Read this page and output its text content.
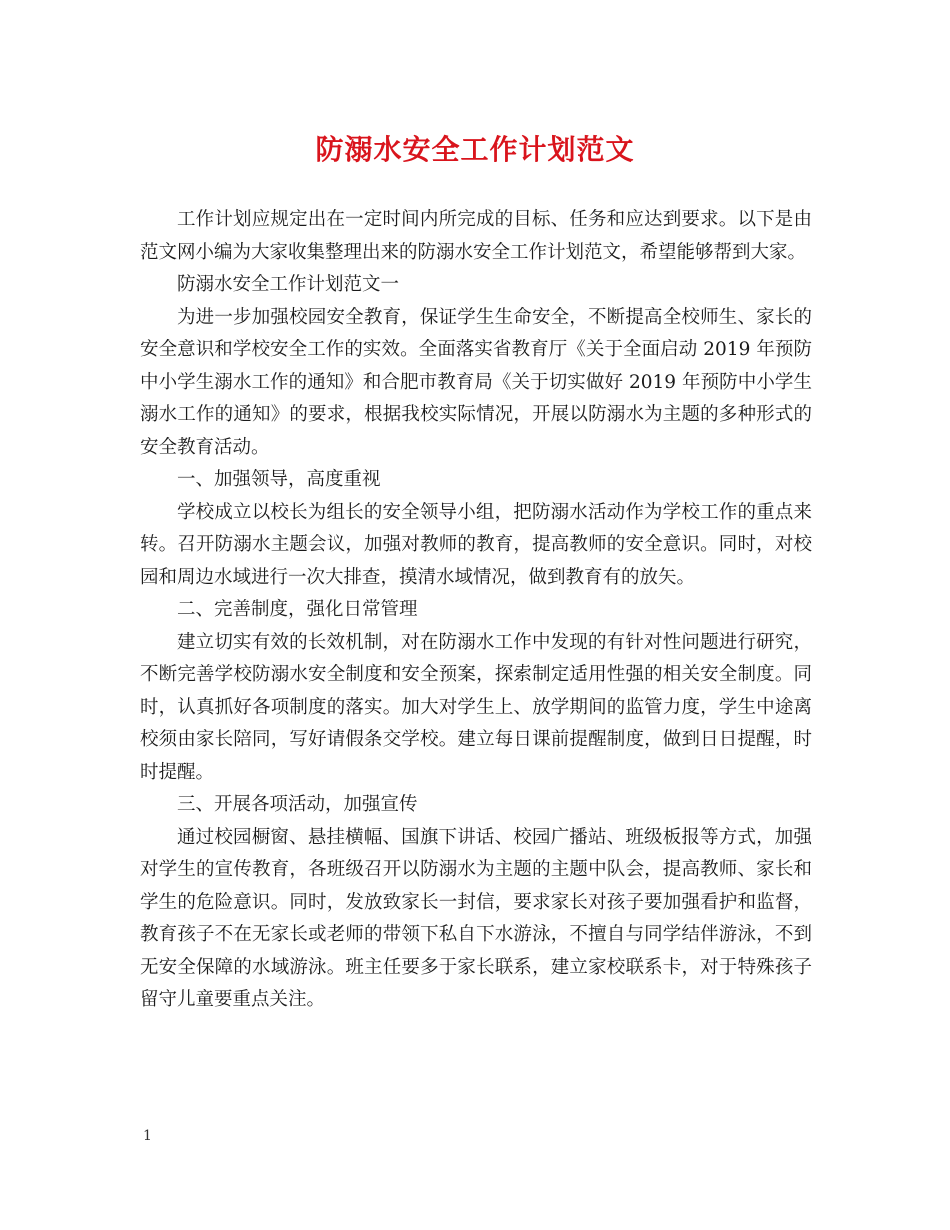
防溺水安全工作计划范文

工作计划应规定出在一定时间内所完成的目标、任务和应达到要求。以下是由范文网小编为大家收集整理出来的防溺水安全工作计划范文，希望能够帮到大家。

防溺水安全工作计划范文一

为进一步加强校园安全教育，保证学生生命安全，不断提高全校师生、家长的安全意识和学校安全工作的实效。全面落实省教育厅《关于全面启动 2019 年预防中小学生溺水工作的通知》和合肥市教育局《关于切实做好 2019 年预防中小学生溺水工作的通知》的要求，根据我校实际情况，开展以防溺水为主题的多种形式的安全教育活动。

一、加强领导，高度重视

学校成立以校长为组长的安全领导小组，把防溺水活动作为学校工作的重点来转。召开防溺水主题会议，加强对教师的教育，提高教师的安全意识。同时，对校园和周边水域进行一次大排查，摸清水域情况，做到教育有的放矢。

二、完善制度，强化日常管理

建立切实有效的长效机制，对在防溺水工作中发现的有针对性问题进行研究，不断完善学校防溺水安全制度和安全预案，探索制定适用性强的相关安全制度。同时，认真抓好各项制度的落实。加大对学生上、放学期间的监管力度，学生中途离校须由家长陪同，写好请假条交学校。建立每日课前提醒制度，做到日日提醒，时时提醒。

三、开展各项活动，加强宣传

通过校园橱窗、悬挂横幅、国旗下讲话、校园广播站、班级板报等方式，加强对学生的宣传教育，各班级召开以防溺水为主题的主题中队会，提高教师、家长和学生的危险意识。同时，发放致家长一封信，要求家长对孩子要加强看护和监督，教育孩子不在无家长或老师的带领下私自下水游泳，不擅自与同学结伴游泳，不到无安全保障的水域游泳。班主任要多于家长联系，建立家校联系卡，对于特殊孩子留守儿童要重点关注。

1
